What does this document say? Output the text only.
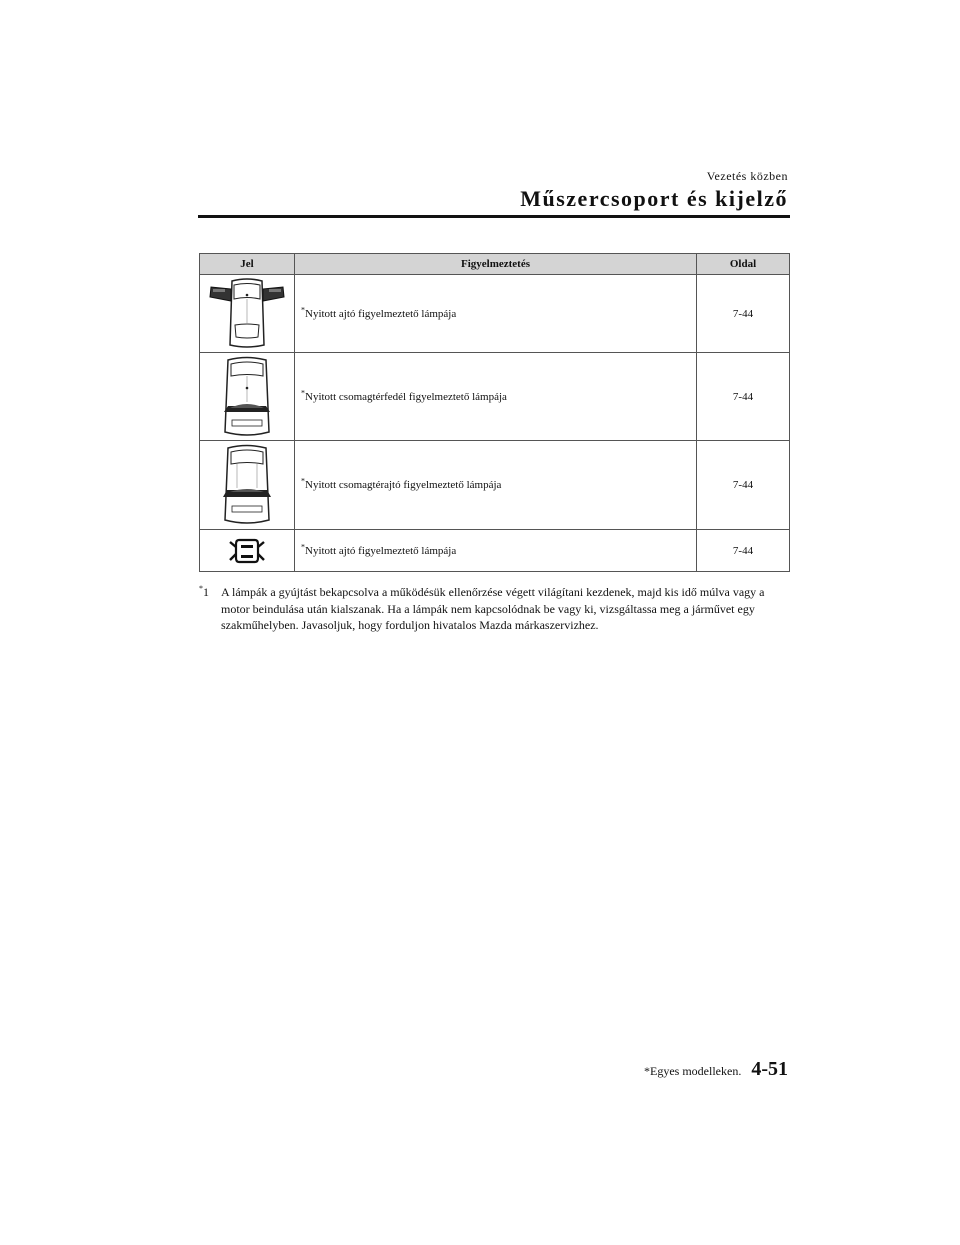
Vezetés közben
Műszercsoport és kijelző
Jel	Figyelmeztetés	Oldal

	*Nyitott ajtó figyelmeztető lámpája	7-44

	*Nyitott csomagtérfedél figyelmeztető lámpája	7-44

	*Nyitott csomagtérajtó figyelmeztető lámpája	7-44

	*Nyitott ajtó figyelmeztető lámpája	7-44
*1 A lámpák a gyújtást bekapcsolva a működésük ellenőrzése végett világítani kezdenek, majd kis idő múlva vagy a motor beindulása után kialszanak. Ha a lámpák nem kapcsolódnak be vagy ki, vizsgáltassa meg a járművet egy szakműhelyben. Javasoljuk, hogy forduljon hivatalos Mazda márkaszervizhez.
*Egyes modelleken. 4-51
